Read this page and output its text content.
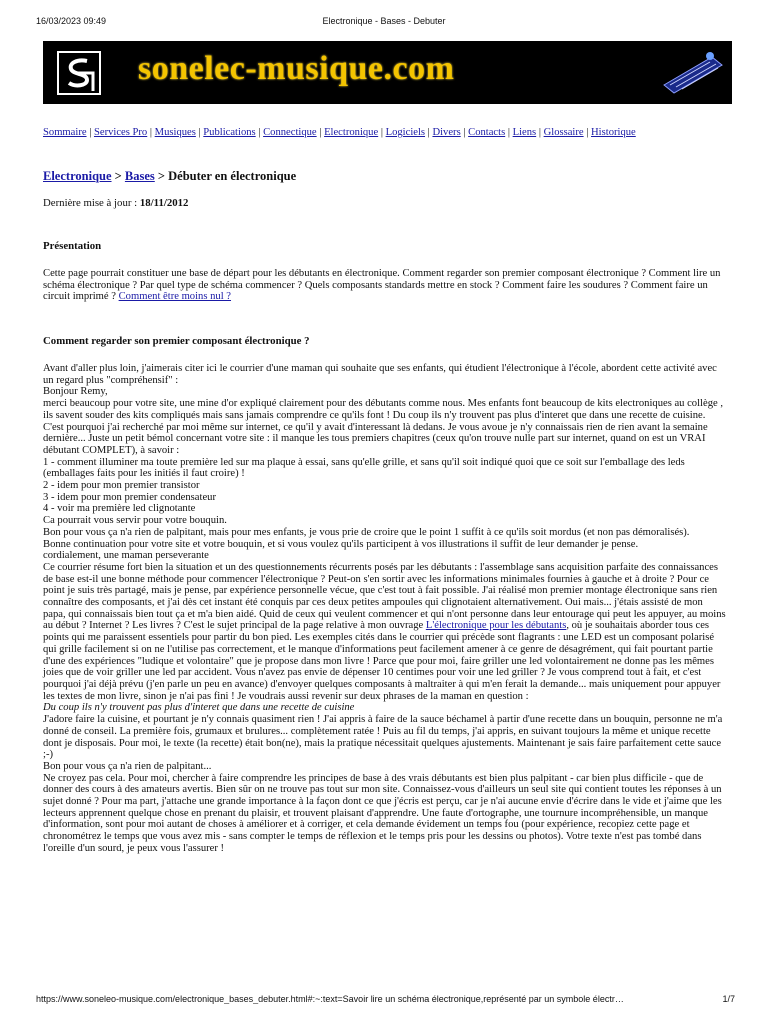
16/03/2023 09:49	Electronique - Bases - Debuter
sonelec-musique.com
Sommaire | Services Pro | Musiques | Publications | Connectique | Electronique | Logiciels | Divers | Contacts | Liens | Glossaire | Historique
Electronique > Bases > Débuter en électronique
Dernière mise à jour : 18/11/2012
Présentation
Cette page pourrait constituer une base de départ pour les débutants en électronique. Comment regarder son premier composant électronique ? Comment lire un schéma électronique ? Par quel type de schéma commencer ? Quels composants standards mettre en stock ? Comment faire les soudures ? Comment faire un circuit imprimé ? Comment être moins nul ?
Comment regarder son premier composant électronique ?

Avant d'aller plus loin, j'aimerais citer ici le courrier d'une maman qui souhaite que ses enfants, qui étudient l'électronique à l'école, abordent cette activité avec un regard plus "compréhensif" :

Bonjour Remy,

merci beaucoup pour votre site, une mine d'or expliqué clairement pour des débutants comme nous. Mes enfants font beaucoup de kits electroniques au collège , ils savent souder des kits compliqués mais sans jamais comprendre ce qu'ils font ! Du coup ils n'y trouvent pas plus d'interet que dans une recette de cuisine. C'est pourquoi j'ai recherché par moi même sur internet, ce qu'il y avait d'interessant là dedans. Je vous avoue je n'y connaissais rien de rien avant la semaine dernière... Juste un petit bémol concernant votre site : il manque les tous premiers chapitres (ceux qu'on trouve nulle part sur internet, quand on est un VRAI débutant COMPLET), à savoir :

1 - comment illuminer ma toute première led sur ma plaque à essai, sans qu'elle grille, et sans qu'il soit indiqué quoi que ce soit sur l'emballage des leds (emballages faits pour les initiés il faut croire) !

2 - idem pour mon premier transistor

3 - idem pour mon premier condensateur

4 - voir ma première led clignotante

Ca pourrait vous servir pour votre bouquin.

Bon pour vous ça n'a rien de palpitant, mais pour mes enfants, je vous prie de croire que le point 1 suffit à ce qu'ils soit mordus (et non pas démoralisés).

Bonne continuation pour votre site et votre bouquin, et si vous voulez qu'ils participent à vos illustrations il suffit de leur demander je pense.

cordialement, une maman perseverante

Ce courrier résume fort bien la situation et un des questionnements récurrents posés par les débutants : l'assemblage sans acquisition parfaite des connaissances de base est-il une bonne méthode pour commencer l'électronique ? Peut-on s'en sortir avec les informations minimales fournies à gauche et à droite ? Pour ce point je suis très partagé, mais je pense, par expérience personnelle vécue, que c'est tout à fait possible. J'ai réalisé mon premier montage électronique sans rien connaître des composants, et j'ai dès cet instant été conquis par ces deux petites ampoules qui clignotaient alternativement. Oui mais... j'étais assisté de mon papa, qui connaissais bien tout ça et m'a bien aidé. Quid de ceux qui veulent commencer et qui n'ont personne dans leur entourage qui peut les appuyer, au moins au début ? Internet ? Les livres ? C'est le sujet principal de la page relative à mon ouvrage L'électronique pour les débutants, où je souhaitais aborder tous ces points qui me paraissent essentiels pour partir du bon pied. Les exemples cités dans le courrier qui précède sont flagrants : une LED est un composant polarisé qui grille facilement si on ne l'utilise pas correctement, et le manque d'informations peut facilement amener à ce genre de désagrément, qui fait pourtant partie d'une des expériences "ludique et volontaire" que je propose dans mon livre ! Parce que pour moi, faire griller une led volontairement ne donne pas les mêmes joies que de voir griller une led par accident. Vous n'avez pas envie de dépenser 10 centimes pour voir une led griller ? Je vous comprend tout à fait, et c'est pourquoi j'ai déjà prévu (j'en parle un peu en avance) d'envoyer quelques composants à maltraiter à qui m'en ferait la demande... mais uniquement pour appuyer les textes de mon livre, sinon je n'ai pas fini ! Je voudrais aussi revenir sur deux phrases de la maman en question :

Du coup ils n'y trouvent pas plus d'interet que dans une recette de cuisine

J'adore faire la cuisine, et pourtant je n'y connais quasiment rien ! J'ai appris à faire de la sauce béchamel à partir d'une recette dans un bouquin, personne ne m'a donné de conseil. La première fois, grumaux et brulures... complètement ratée ! Puis au fil du temps, j'ai appris, en suivant toujours la même et unique recette dont je disposais. Pour moi, le texte (la recette) était bon(ne), mais la pratique nécessitait quelques ajustements. Maintenant je sais faire parfaitement cette sauce ;-)

Bon pour vous ça n'a rien de palpitant...

Ne croyez pas cela. Pour moi, chercher à faire comprendre les principes de base à des vrais débutants est bien plus palpitant - car bien plus difficile - que de donner des cours à des amateurs avertis. Bien sûr on ne trouve pas tout sur mon site. Connaissez-vous d'ailleurs un seul site qui contient toutes les réponses à un sujet donné ? Pour ma part, j'attache une grande importance à la façon dont ce que j'écris est perçu, car je n'ai aucune envie d'écrire dans le vide et j'aime que les lecteurs apprennent quelque chose en prenant du plaisir, et trouvent plaisant d'apprendre. Une faute d'ortographe, une tournure incompréhensible, un manque d'information, sont pour moi autant de choses à améliorer et à corriger, et cela demande évidement un temps fou (pour expérience, recopiez cette page et chronométrez le temps que vous avez mis - sans compter le temps de réflexion et le temps pris pour les dessins ou photos). Votre texte n'est pas tombé dans l'oreille d'un sourd, je peux vous l'assurer !

https://www.soneleo-musique.com/electronique_bases_debuter.html#:~:text=Savoir lire un schéma électronique,représenté par un symbole électr…	1/7
